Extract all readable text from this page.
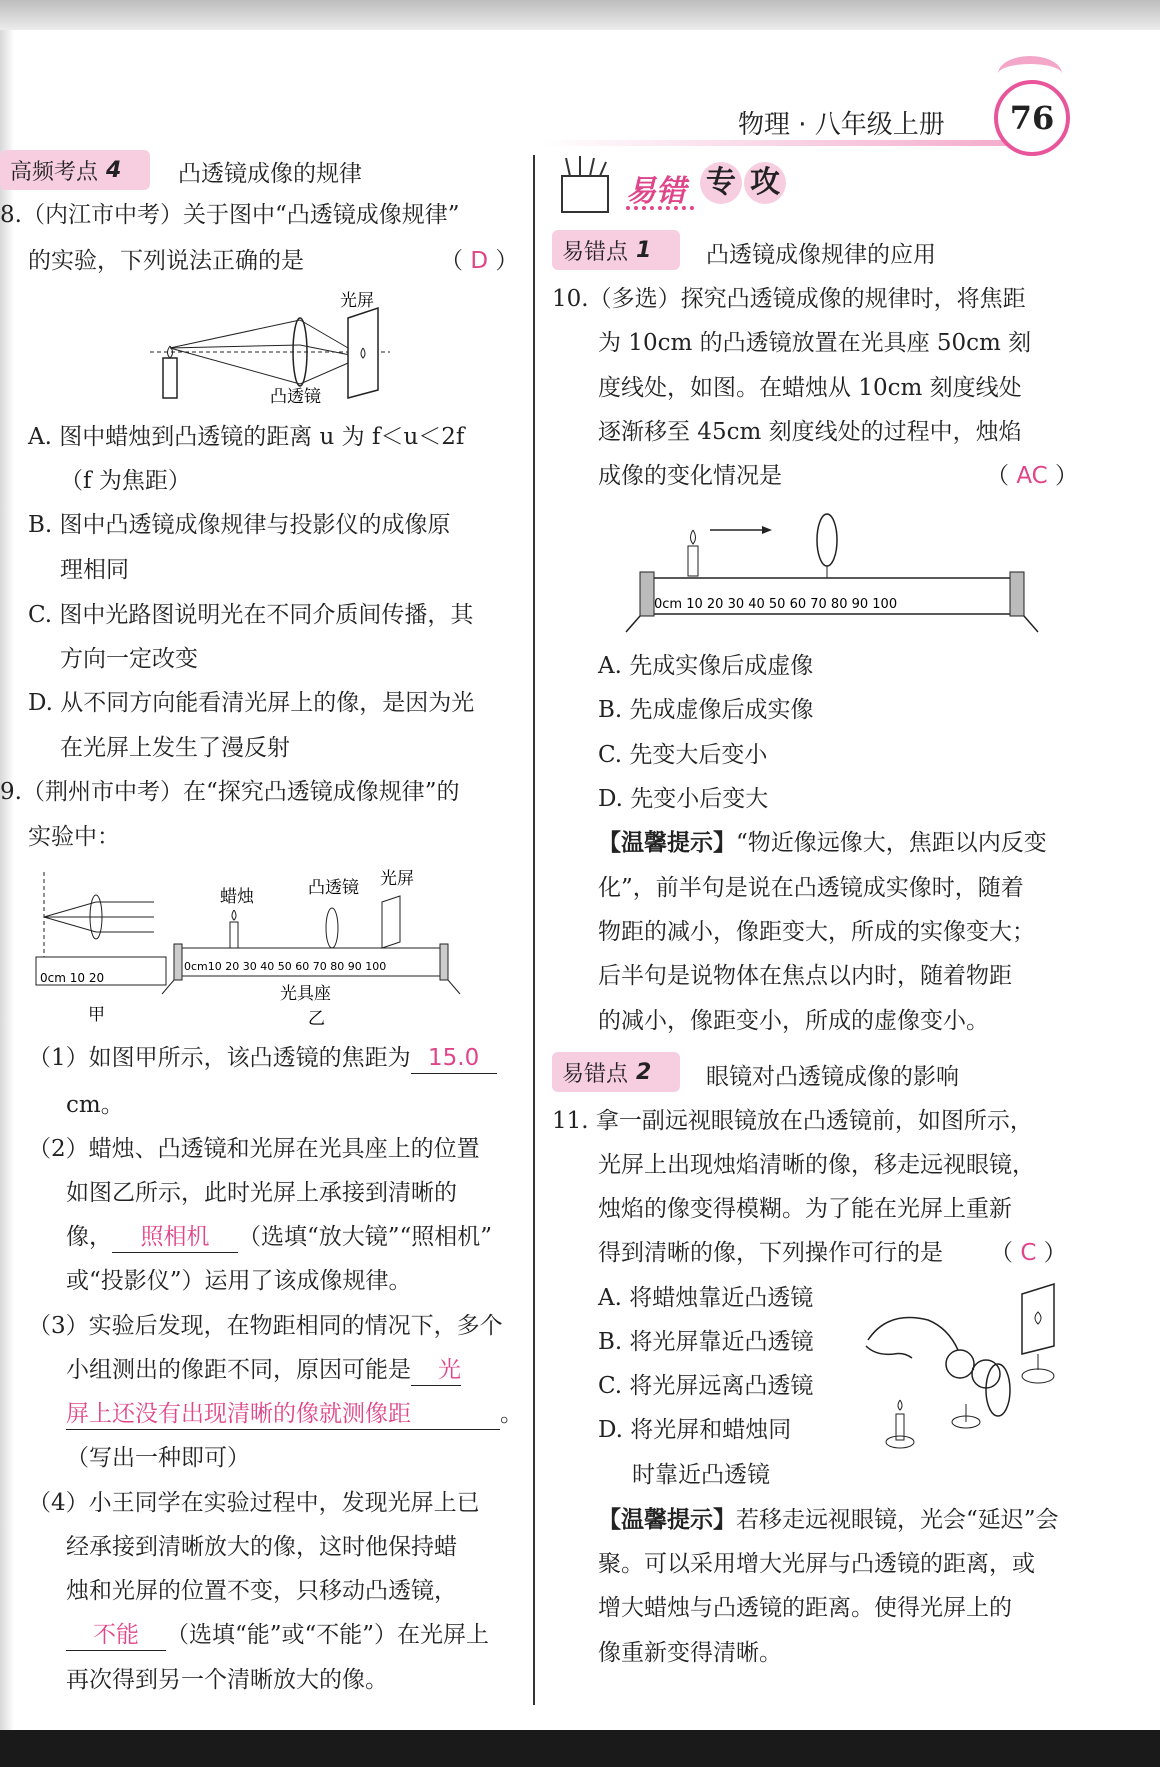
物理 · 八年级上册	76
高频考点 4 凸透镜成像的规律
8.（内江市中考）关于图中“凸透镜成像规律”
的实验，下列说法正确的是	（ D ）
光屏
凸透镜
A. 图中蜡烛到凸透镜的距离 u 为 f＜u＜2f
（f 为焦距）
B. 图中凸透镜成像规律与投影仪的成像原
理相同
C. 图中光路图说明光在不同介质间传播，其
方向一定改变
D. 从不同方向能看清光屏上的像，是因为光
在光屏上发生了漫反射
9.（荆州市中考）在“探究凸透镜成像规律”的
实验中：
0cm 10 20
甲
蜡烛	凸透镜 光屏
0cm10 20 30 40 50 60 70 80 90 100
光具座
乙
（1）如图甲所示，该凸透镜的焦距为 15.0
cm。
（2）蜡烛、凸透镜和光屏在光具座上的位置
如图乙所示，此时光屏上承接到清晰的
像， 照相机 （选填“放大镜”“照相机”
或“投影仪”）运用了该成像规律。
（3）实验后发现，在物距相同的情况下，多个
小组测出的像距不同，原因可能是 光
屏上还没有出现清晰的像就测像距	。
（写出一种即可）
（4）小王同学在实验过程中，发现光屏上已
经承接到清晰放大的像，这时他保持蜡
烛和光屏的位置不变，只移动凸透镜，
不能 （选填“能”或“不能”）在光屏上
再次得到另一个清晰放大的像。
易错 专 攻
易错点 1 凸透镜成像规律的应用
10.（多选）探究凸透镜成像的规律时，将焦距
为 10cm 的凸透镜放置在光具座 50cm 刻
度线处，如图。在蜡烛从 10cm 刻度线处
逐渐移至 45cm 刻度线处的过程中，烛焰
成像的变化情况是	（ AC ）
0cm 10 20 30 40 50 60 70 80 90 100
A. 先成实像后成虚像
B. 先成虚像后成实像
C. 先变大后变小
D. 先变小后变大
【温馨提示】“物近像远像大，焦距以内反变
化”，前半句是说在凸透镜成实像时，随着
物距的减小，像距变大，所成的实像变大；
后半句是说物体在焦点以内时，随着物距
的减小，像距变小，所成的虚像变小。
易错点 2 眼镜对凸透镜成像的影响
11. 拿一副远视眼镜放在凸透镜前，如图所示，
光屏上出现烛焰清晰的像，移走远视眼镜，
烛焰的像变得模糊。为了能在光屏上重新
得到清晰的像，下列操作可行的是 （ C ）
A. 将蜡烛靠近凸透镜
B. 将光屏靠近凸透镜
C. 将光屏远离凸透镜
D. 将光屏和蜡烛同
时靠近凸透镜
【温馨提示】若移走远视眼镜，光会“延迟”会
聚。可以采用增大光屏与凸透镜的距离，或
增大蜡烛与凸透镜的距离。使得光屏上的
像重新变得清晰。
